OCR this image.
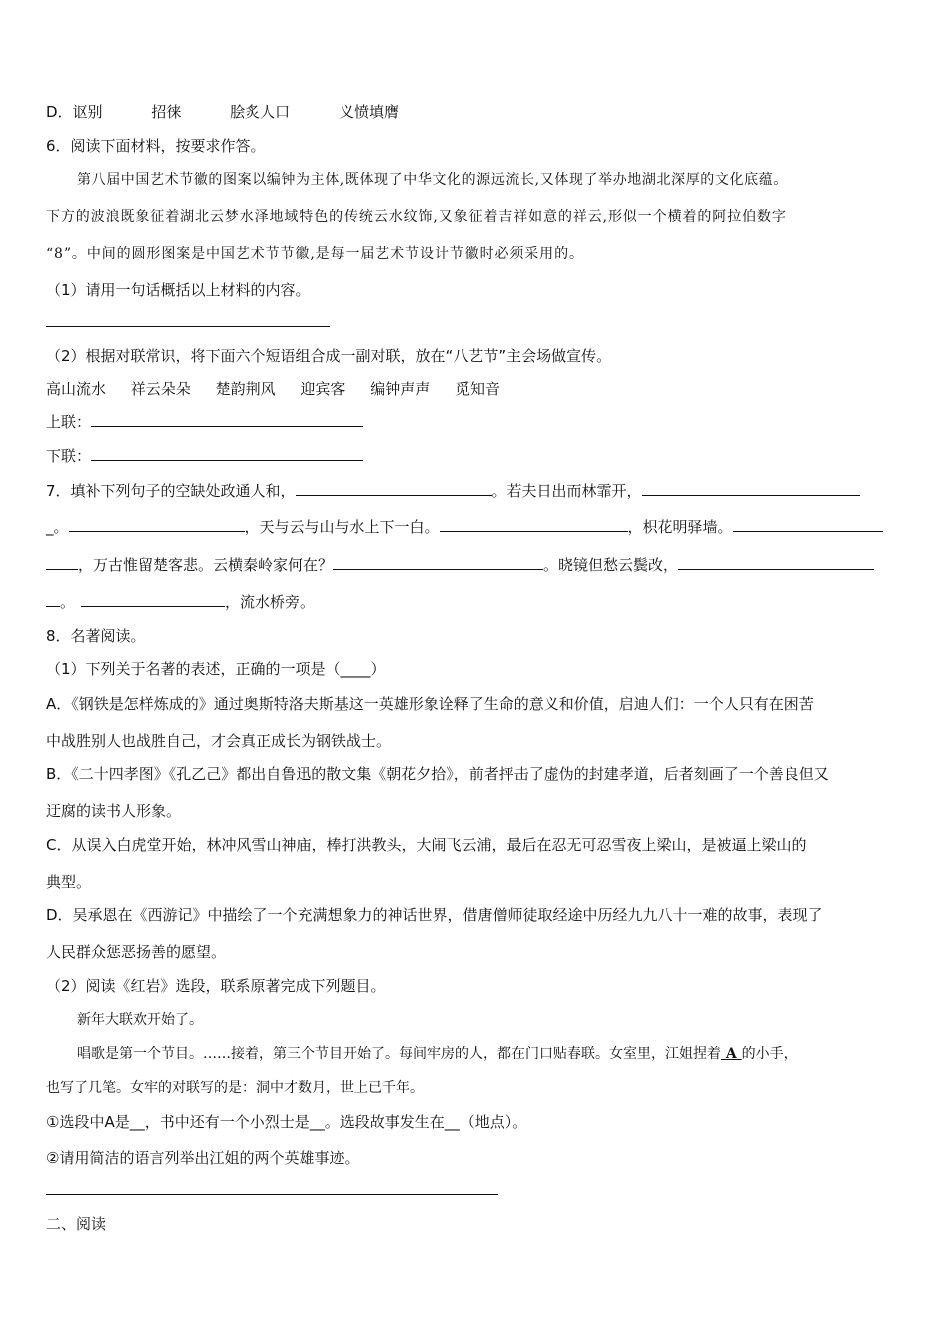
D．讴别	招徕	脍炙人口	义愤填膺
6．阅读下面材料，按要求作答。
第八届中国艺术节徽的图案以编钟为主体,既体现了中华文化的源远流长,又体现了举办地湖北深厚的文化底蕴。
下方的波浪既象征着湖北云梦水泽地域特色的传统云水纹饰,又象征着吉祥如意的祥云,形似一个横着的阿拉伯数字
“8”。中间的圆形图案是中国艺术节节徽,是每一届艺术节设计节徽时必须采用的。
（1）请用一句话概括以上材料的内容。
（2）根据对联常识，将下面六个短语组合成一副对联，放在“八艺节”主会场做宣传。
高山流水 祥云朵朵 楚韵荆风 迎宾客 编钟声声 觅知音
上联：
下联：
7．填补下列句子的空缺处政通人和，	。若夫日出而林霏开，
_。	，天与云与山与水上下一白。	，枳花明驿墙。
，万古惟留楚客悲。云横秦岭家何在？	。晓镜但愁云鬓改，
。	，流水桥旁。
8．名著阅读。
（1）下列关于名著的表述，正确的一项是（____）
A．《钢铁是怎样炼成的》通过奥斯特洛夫斯基这一英雄形象诠释了生命的意义和价值，启迪人们：一个人只有在困苦
中战胜别人也战胜自己，才会真正成长为钢铁战士。
B．《二十四孝图》《孔乙己》都出自鲁迅的散文集《朝花夕拾》，前者抨击了虚伪的封建孝道，后者刻画了一个善良但又
迂腐的读书人形象。
C．从误入白虎堂开始，林冲风雪山神庙，棒打洪教头，大闹飞云浦，最后在忍无可忍雪夜上梁山，是被逼上梁山的
典型。
D．吴承恩在《西游记》中描绘了一个充满想象力的神话世界，借唐僧师徒取经途中历经九九八十一难的故事，表现了
人民群众惩恶扬善的愿望。
（2）阅读《红岩》选段，联系原著完成下列题目。
新年大联欢开始了。
唱歌是第一个节目。……接着，第三个节目开始了。每间牢房的人，都在门口贴春联。女室里，江姐捏着 A 的小手，
也写了几笔。女牢的对联写的是：洞中才数月，世上已千年。
①选段中A是__，书中还有一个小烈士是__。选段故事发生在__（地点）。
②请用简洁的语言列举出江姐的两个英雄事迹。
二、阅读
